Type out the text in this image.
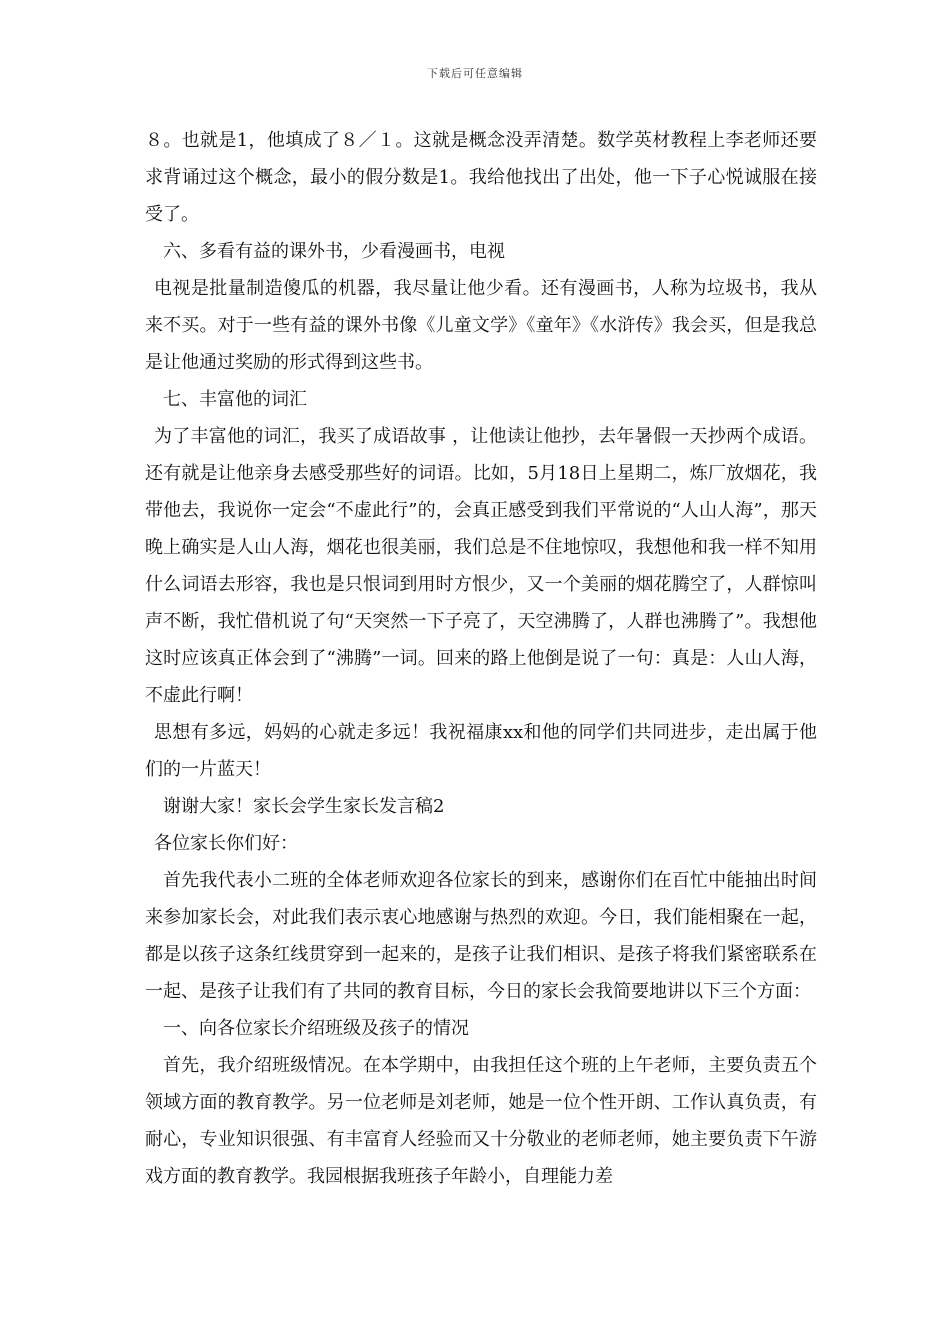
下载后可任意编辑

８。也就是1，他填成了８／１。这就是概念没弄清楚。数学英材教程上李老师还要求背诵过这个概念，最小的假分数是1。我给他找出了出处，他一下子心悦诚服在接受了。

六、多看有益的课外书，少看漫画书，电视

电视是批量制造傻瓜的机器，我尽量让他少看。还有漫画书，人称为垃圾书，我从来不买。对于一些有益的课外书像《儿童文学》《童年》《水浒传》我会买，但是我总是让他通过奖励的形式得到这些书。

七、丰富他的词汇

为了丰富他的词汇，我买了成语故事 ，让他读让他抄，去年暑假一天抄两个成语。还有就是让他亲身去感受那些好的词语。比如，5月18日上星期二，炼厂放烟花，我带他去，我说你一定会“不虚此行”的，会真正感受到我们平常说的“人山人海”，那天晚上确实是人山人海，烟花也很美丽，我们总是不住地惊叹，我想他和我一样不知用什么词语去形容，我也是只恨词到用时方恨少，又一个美丽的烟花腾空了，人群惊叫声不断，我忙借机说了句“天突然一下子亮了，天空沸腾了，人群也沸腾了”。我想他这时应该真正体会到了“沸腾”一词。回来的路上他倒是说了一句：真是：人山人海，不虚此行啊！

思想有多远，妈妈的心就走多远！我祝福康xx和他的同学们共同进步，走出属于他们的一片蓝天！

谢谢大家！家长会学生家长发言稿2

各位家长你们好：

首先我代表小二班的全体老师欢迎各位家长的到来，感谢你们在百忙中能抽出时间来参加家长会，对此我们表示衷心地感谢与热烈的欢迎。今日，我们能相聚在一起，都是以孩子这条红线贯穿到一起来的，是孩子让我们相识、是孩子将我们紧密联系在一起、是孩子让我们有了共同的教育目标，今日的家长会我简要地讲以下三个方面：

一、向各位家长介绍班级及孩子的情况

首先，我介绍班级情况。在本学期中，由我担任这个班的上午老师，主要负责五个领域方面的教育教学。另一位老师是刘老师，她是一位个性开朗、工作认真负责，有耐心，专业知识很强、有丰富育人经验而又十分敬业的老师老师，她主要负责下午游戏方面的教育教学。我园根据我班孩子年龄小，自理能力差
